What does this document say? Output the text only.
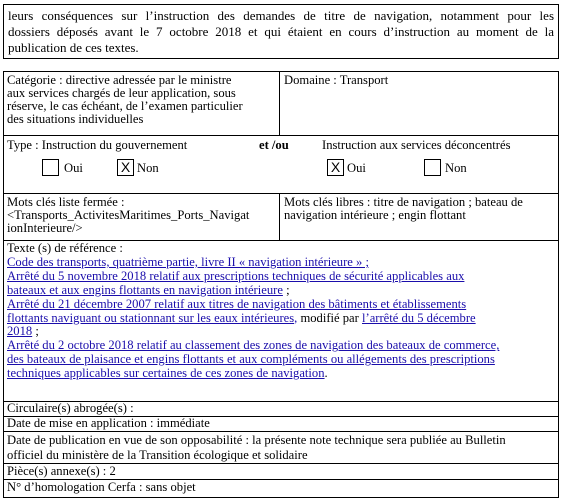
leurs conséquences sur l’instruction des demandes de titre de navigation, notamment pour les
dossiers déposés avant le 7 octobre 2018 et qui étaient en cours d’instruction au moment de la
publication de ces textes.
Catégorie : directive adressée par le ministre
aux services chargés de leur application, sous
réserve, le cas échéant, de l’examen particulier
des situations individuelles
Domaine : Transport
Type : Instruction du gouvernement	et /ou	Instruction aux services déconcentrés
Oui	X Non	X Oui	Non
Mots clés liste fermée :
<Transports_ActivitesMaritimes_Ports_Navigat
ionInterieure/>
Mots clés libres : titre de navigation ; bateau de
navigation intérieure ; engin flottant
Texte (s) de référence :
Code des transports, quatrième partie, livre II « navigation intérieure » ;
Arrêté du 5 novembre 2018 relatif aux prescriptions techniques de sécurité applicables aux
bateaux et aux engins flottants en navigation intérieure ;
Arrêté du 21 décembre 2007 relatif aux titres de navigation des bâtiments et établissements
flottants naviguant ou stationnant sur les eaux intérieures, modifié par l’arrêté du 5 décembre
2018 ;
Arrêté du 2 octobre 2018 relatif au classement des zones de navigation des bateaux de commerce,
des bateaux de plaisance et engins flottants et aux compléments ou allégements des prescriptions
techniques applicables sur certaines de ces zones de navigation.
Circulaire(s) abrogée(s) :
Date de mise en application : immédiate
Date de publication en vue de son opposabilité : la présente note technique sera publiée au Bulletin
officiel du ministère de la Transition écologique et solidaire
Pièce(s) annexe(s) : 2
N° d’homologation Cerfa : sans objet
